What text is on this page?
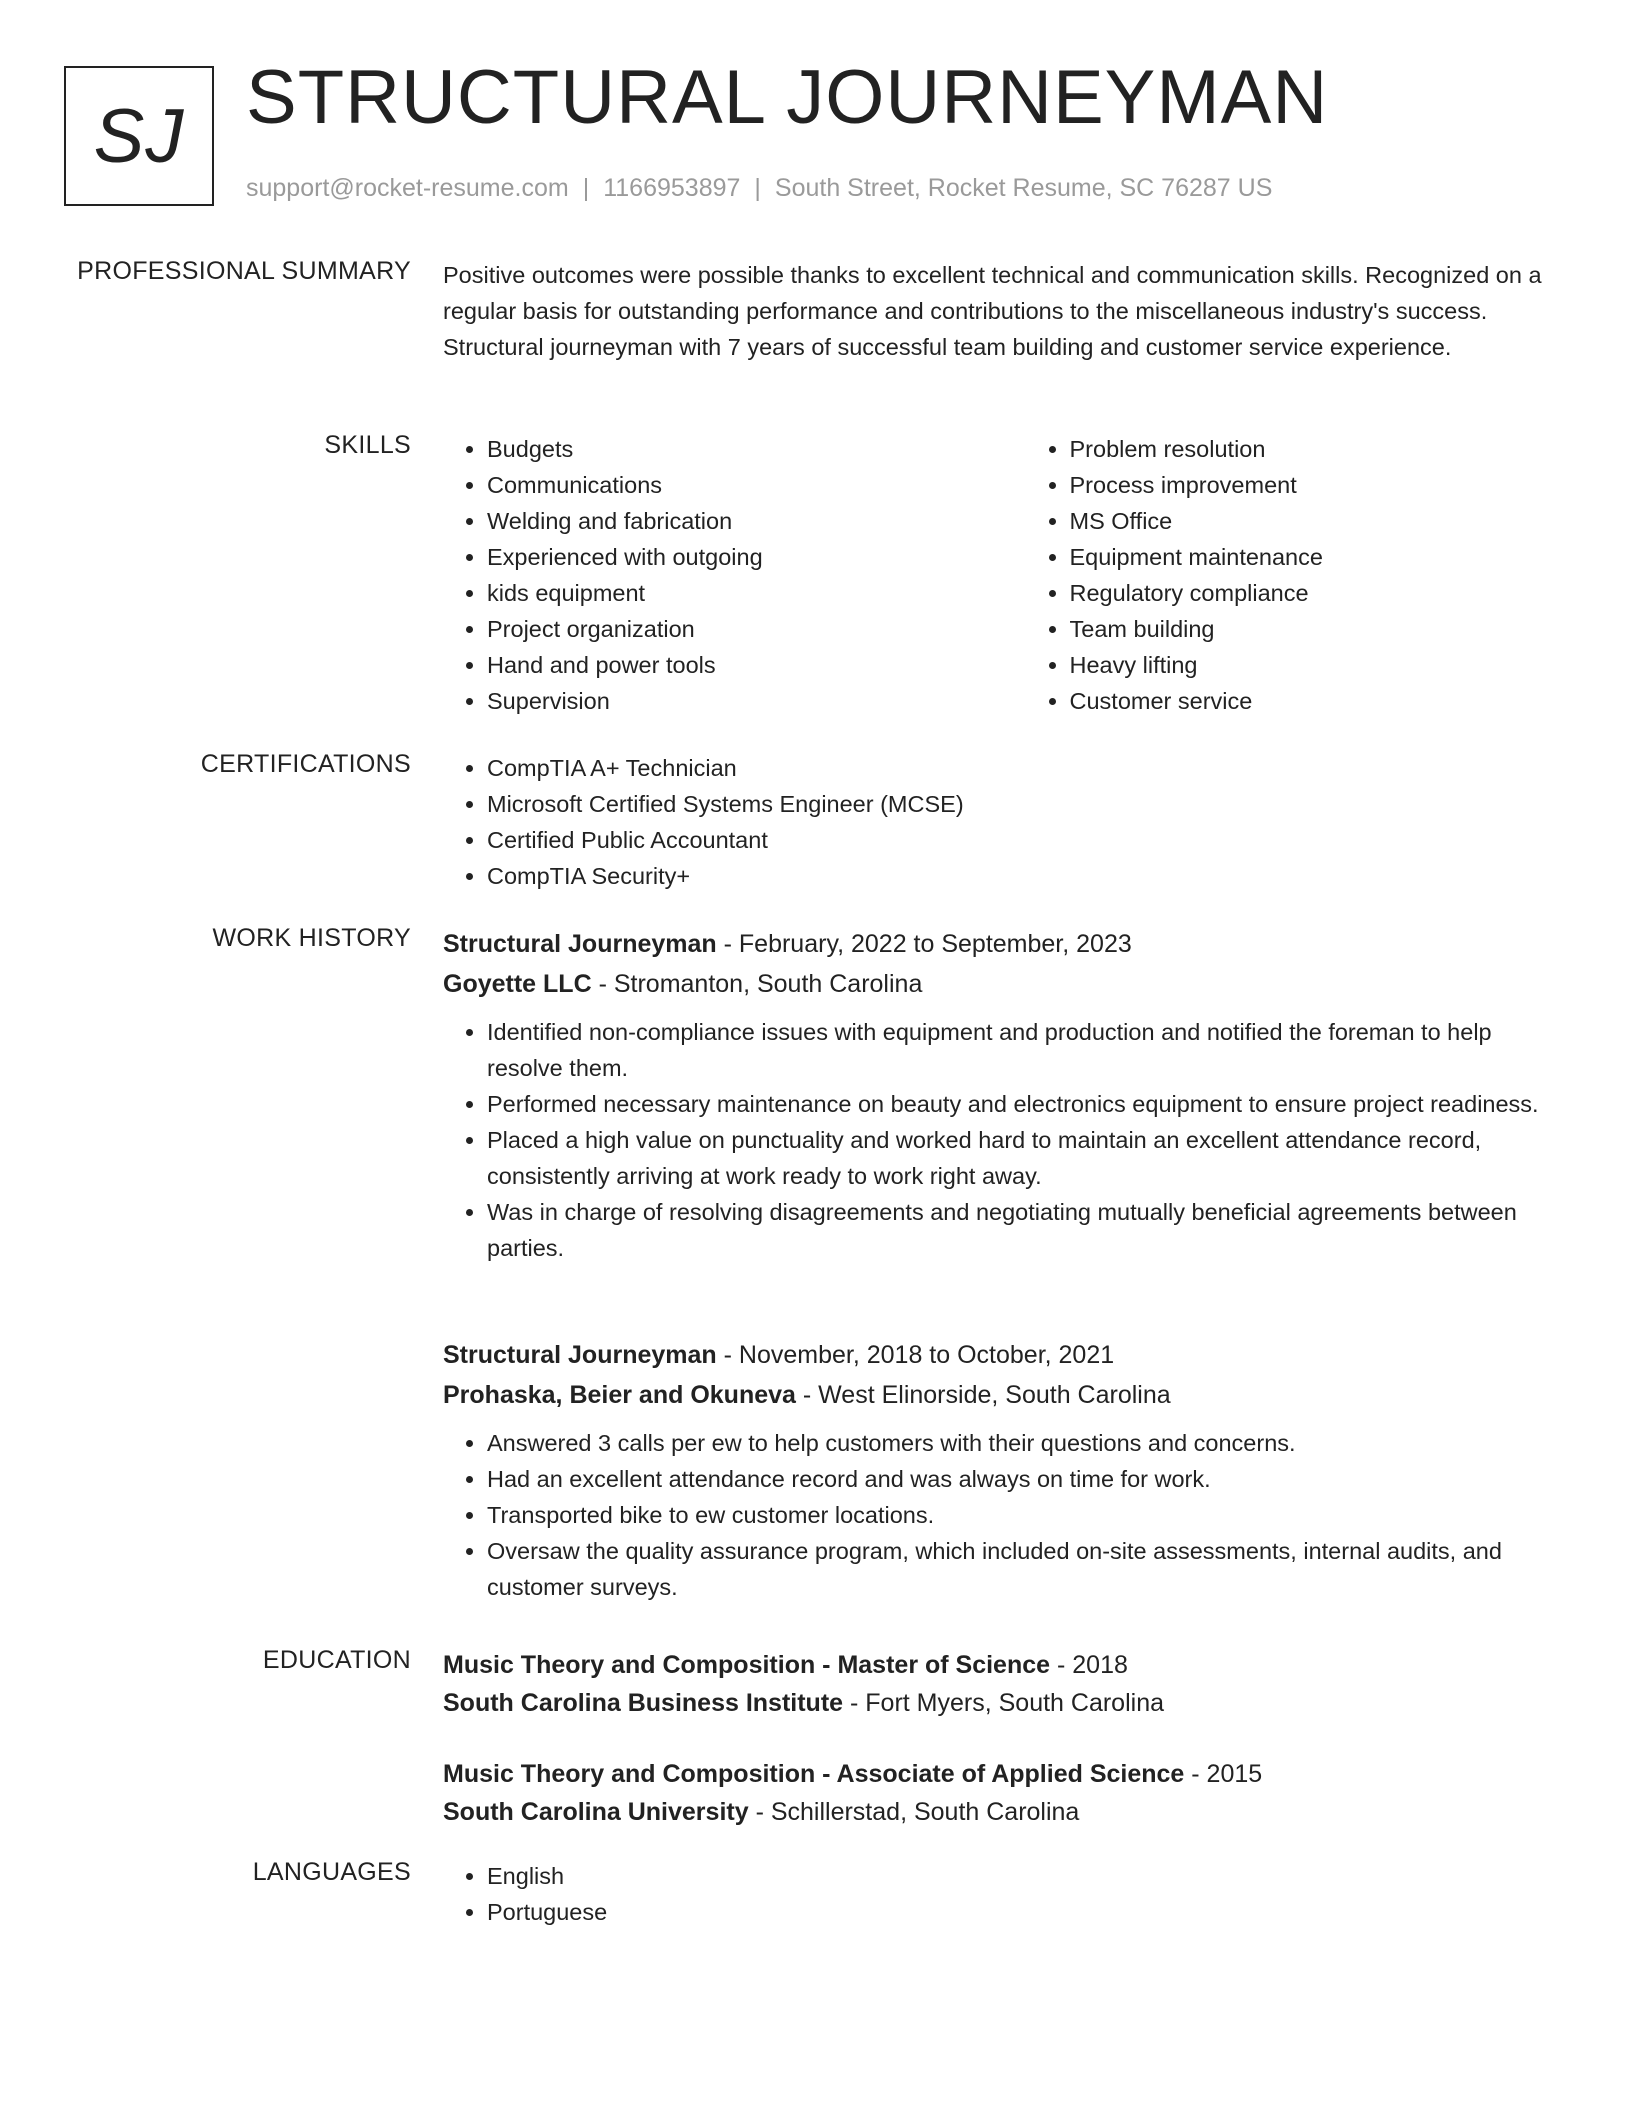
SJ STRUCTURAL JOURNEYMAN
support@rocket-resume.com | 1166953897 | South Street, Rocket Resume, SC 76287 US
PROFESSIONAL SUMMARY Positive outcomes were possible thanks to excellent technical and communication skills. Recognized on a regular basis for outstanding performance and contributions to the miscellaneous industry's success. Structural journeyman with 7 years of successful team building and customer service experience.
SKILLS	• Budgets
• Communications
• Welding and fabrication
• Experienced with outgoing
• kids equipment
• Project organization
• Hand and power tools
• Supervision
• Problem resolution
• Process improvement
• MS Office
• Equipment maintenance
• Regulatory compliance
• Team building
• Heavy lifting
• Customer service
CERTIFICATIONS	• CompTIA A+ Technician
• Microsoft Certified Systems Engineer (MCSE)
• Certified Public Accountant
• CompTIA Security+
WORK HISTORY Structural Journeyman - February, 2022 to September, 2023
Goyette LLC - Stromanton, South Carolina
• Identified non-compliance issues with equipment and production and notified the foreman to help resolve them.
• Performed necessary maintenance on beauty and electronics equipment to ensure project readiness.
• Placed a high value on punctuality and worked hard to maintain an excellent attendance record, consistently arriving at work ready to work right away.
• Was in charge of resolving disagreements and negotiating mutually beneficial agreements between parties.
Structural Journeyman - November, 2018 to October, 2021
Prohaska, Beier and Okuneva - West Elinorside, South Carolina
• Answered 3 calls per ew to help customers with their questions and concerns.
• Had an excellent attendance record and was always on time for work.
• Transported bike to ew customer locations.
• Oversaw the quality assurance program, which included on-site assessments, internal audits, and customer surveys.
EDUCATION Music Theory and Composition - Master of Science - 2018
South Carolina Business Institute - Fort Myers, South Carolina
Music Theory and Composition - Associate of Applied Science - 2015
South Carolina University - Schillerstad, South Carolina
LANGUAGES	• English
• Portuguese
